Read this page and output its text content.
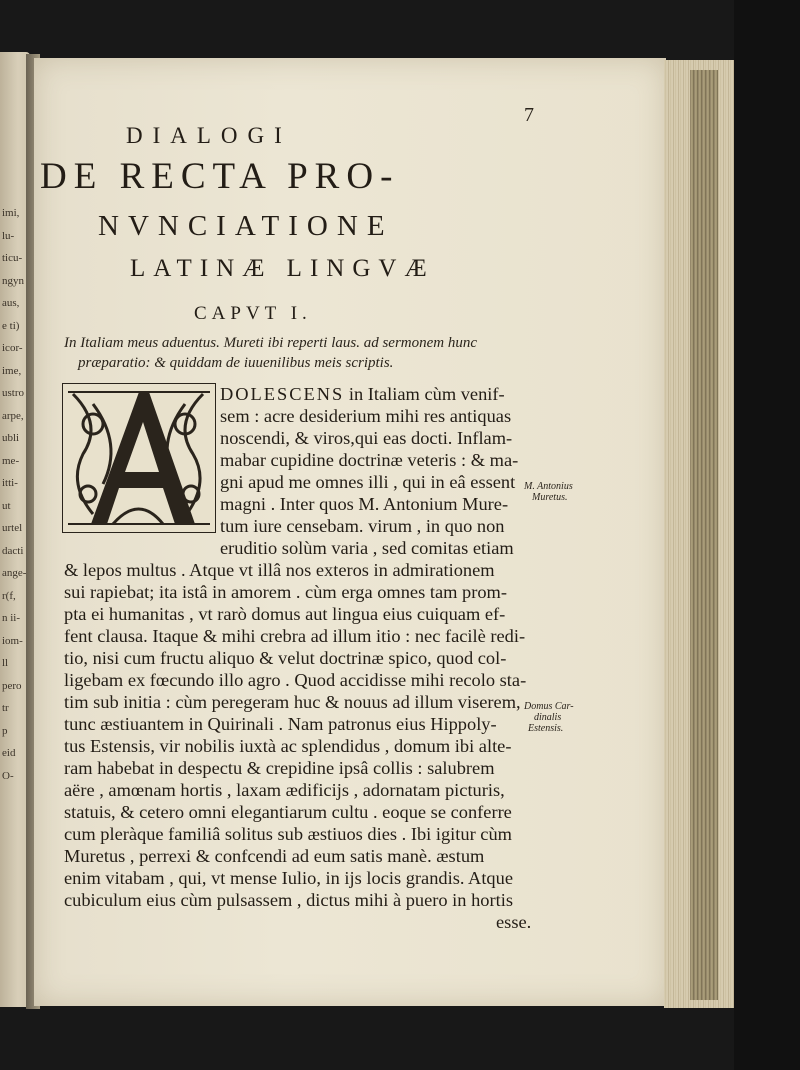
imi,
lu-
ticu-
ngyn
aus,
e ti)
icor-
ime,
ustro
arpe,
ubli
me-
itti-
ut
urtel
dacti
ange-
r(f,
n ii-
iom-
ll
pero
tr
p
eid
O-
7
DIALOGI
DE RECTA PRO-
NVNCIATIONE
LATINÆ LINGVÆ
CAPVT I.
In Italiam meus aduentus. Mureti ibi reperti laus. ad sermonem hunc
præparatio: & quiddam de iuuenilibus meis scriptis.
DOLESCENS in Italiam cùm venif-
sem : acre desiderium mihi res antiquas
noscendi, & viros,qui eas docti. Inflam-
mabar cupidine doctrinæ veteris : & ma-
gni apud me omnes illi , qui in eâ essent
magni . Inter quos M. Antonium Mure-
tum iure censebam. virum , in quo non
eruditio solùm varia , sed comitas etiam
& lepos multus . Atque vt illâ nos exteros in admirationem
sui rapiebat; ita istâ in amorem . cùm erga omnes tam prom-
pta ei humanitas , vt rarò domus aut lingua eius cuiquam ef-
fent clausa. Itaque & mihi crebra ad illum itio : nec facilè redi-
tio, nisi cum fructu aliquo & velut doctrinæ spico, quod col-
ligebam ex fœcundo illo agro . Quod accidisse mihi recolo sta-
tim sub initia : cùm peregeram huc & nouus ad illum viserem,
tunc æstiuantem in Quirinali . Nam patronus eius Hippoly-
tus Estensis, vir nobilis iuxtà ac splendidus , domum ibi alte-
ram habebat in despectu & crepidine ipsâ collis : salubrem
aëre , amœnam hortis , laxam ædificijs , adornatam picturis,
statuis, & cetero omni elegantiarum cultu . eoque se conferre
cum pleràque familiâ solitus sub æstiuos dies . Ibi igitur cùm
Muretus , perrexi & confcendi ad eum satis manè. æstum
enim vitabam , qui, vt mense Iulio, in ijs locis grandis. Atque
cubiculum eius cùm pulsassem , dictus mihi à puero in hortis
esse.
M. Antonius
Muretus.
Domus Car-
dinalis
Estensis.
